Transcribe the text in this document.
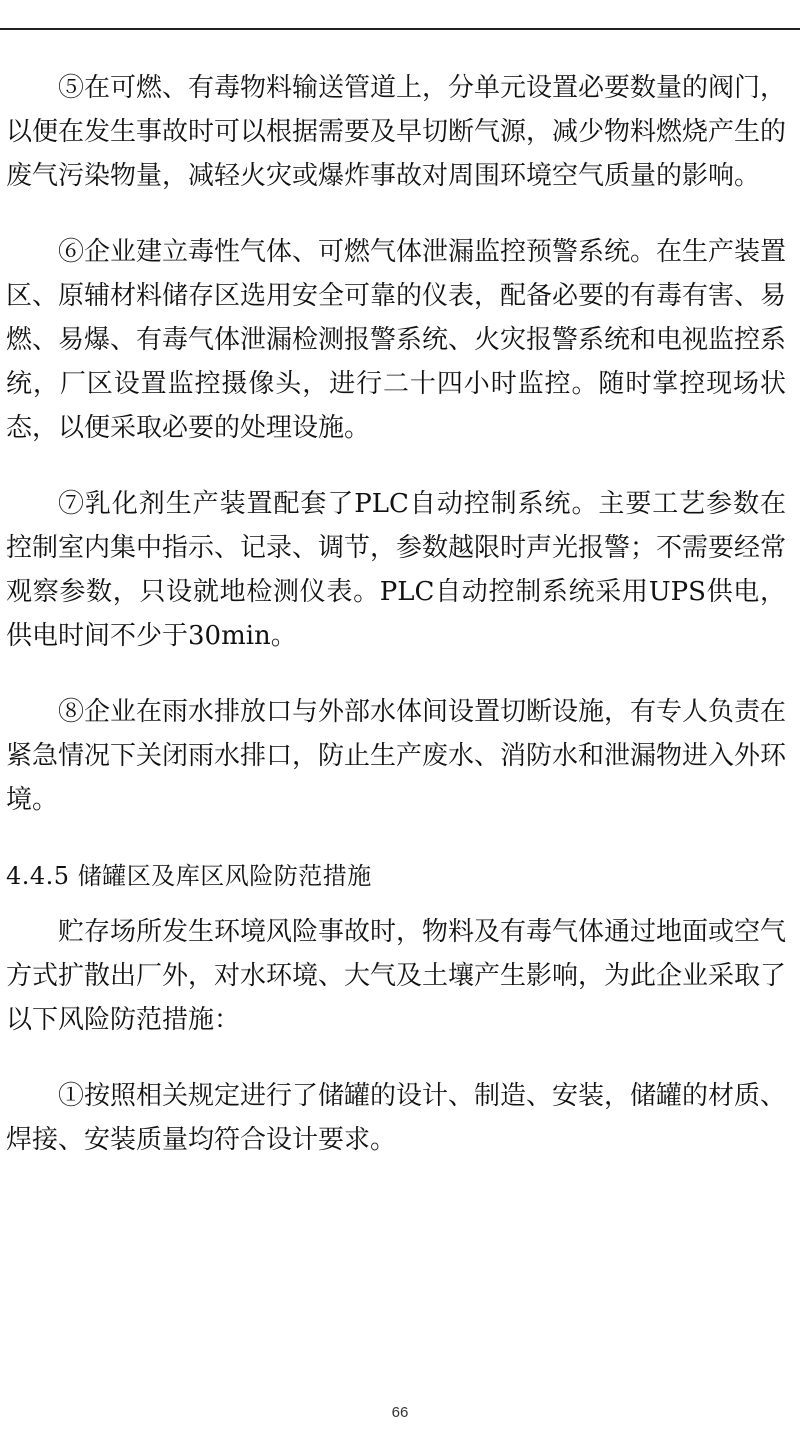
⑤在可燃、有毒物料输送管道上，分单元设置必要数量的阀门，以便在发生事故时可以根据需要及早切断气源，减少物料燃烧产生的废气污染物量，减轻火灾或爆炸事故对周围环境空气质量的影响。

⑥企业建立毒性气体、可燃气体泄漏监控预警系统。在生产装置区、原辅材料储存区选用安全可靠的仪表，配备必要的有毒有害、易燃、易爆、有毒气体泄漏检测报警系统、火灾报警系统和电视监控系统，厂区设置监控摄像头，进行二十四小时监控。随时掌控现场状态，以便采取必要的处理设施。

⑦乳化剂生产装置配套了PLC自动控制系统。主要工艺参数在控制室内集中指示、记录、调节，参数越限时声光报警；不需要经常观察参数，只设就地检测仪表。PLC自动控制系统采用UPS供电，供电时间不少于30min。

⑧企业在雨水排放口与外部水体间设置切断设施，有专人负责在紧急情况下关闭雨水排口，防止生产废水、消防水和泄漏物进入外环境。

4.4.5 储罐区及库区风险防范措施

贮存场所发生环境风险事故时，物料及有毒气体通过地面或空气方式扩散出厂外，对水环境、大气及土壤产生影响，为此企业采取了以下风险防范措施：

①按照相关规定进行了储罐的设计、制造、安装，储罐的材质、焊接、安装质量均符合设计要求。

66
